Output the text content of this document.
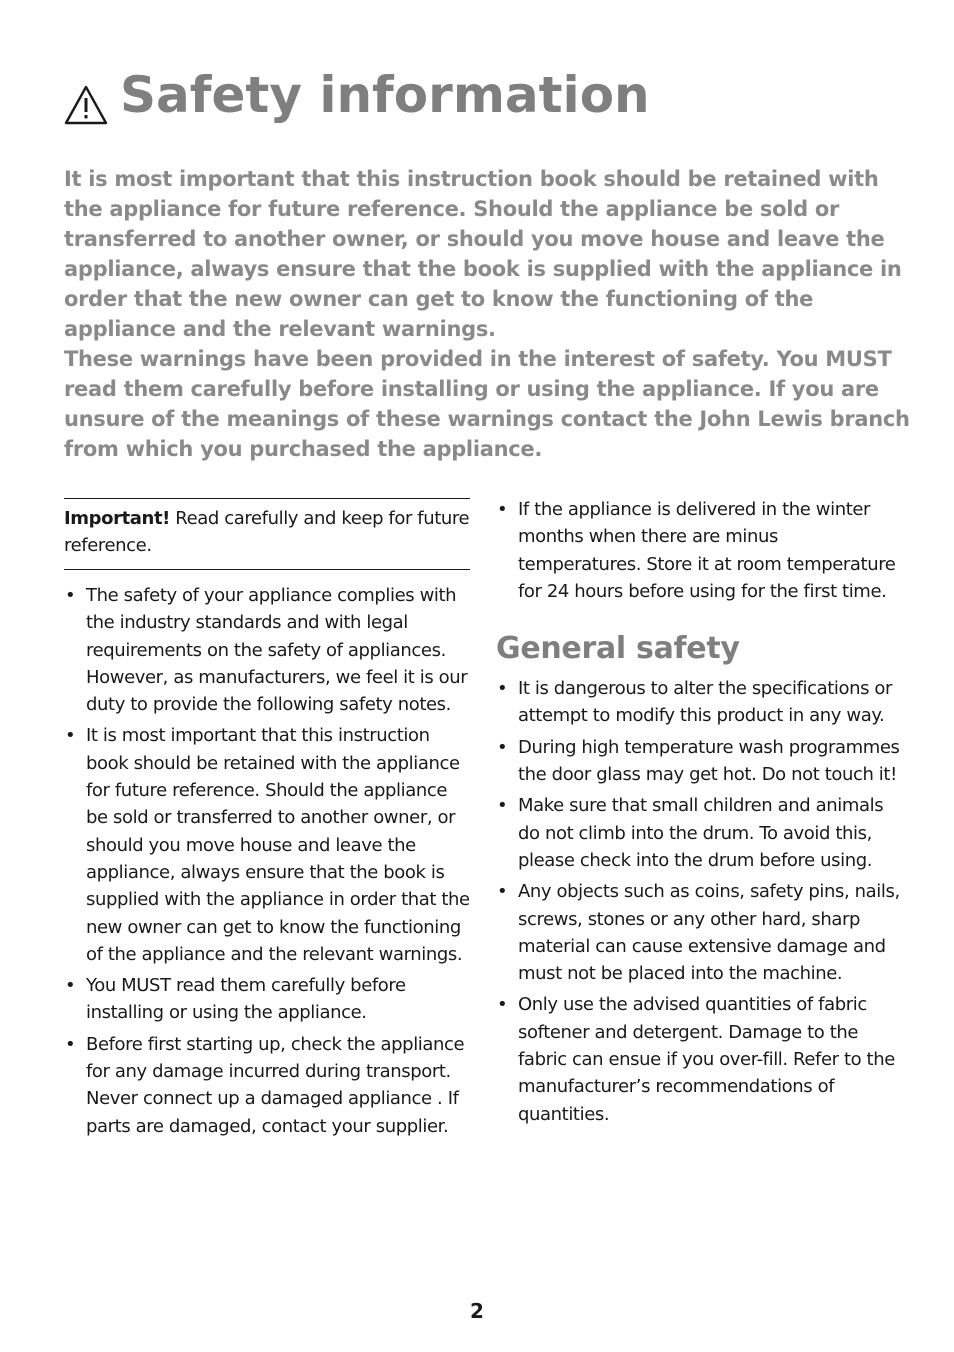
Safety information

It is most important that this instruction book should be retained with the appliance for future reference. Should the appliance be sold or transferred to another owner, or should you move house and leave the appliance, always ensure that the book is supplied with the appliance in order that the new owner can get to know the functioning of the appliance and the relevant warnings.

These warnings have been provided in the interest of safety. You MUST read them carefully before installing or using the appliance. If you are unsure of the meanings of these warnings contact the John Lewis branch from which you purchased the appliance.

Important! Read carefully and keep for future reference.
• The safety of your appliance complies with the industry standards and with legal requirements on the safety of appliances. However, as manufacturers, we feel it is our duty to provide the following safety notes.
• It is most important that this instruction book should be retained with the appliance for future reference. Should the appliance be sold or transferred to another owner, or should you move house and leave the appliance, always ensure that the book is supplied with the appliance in order that the new owner can get to know the functioning of the appliance and the relevant warnings.
• You MUST read them carefully before installing or using the appliance.
• Before first starting up, check the appliance for any damage incurred during transport. Never connect up a damaged appliance . If parts are damaged, contact your supplier.
• If the appliance is delivered in the winter months when there are minus temperatures. Store it at room temperature for 24 hours before using for the first time.
General safety
• It is dangerous to alter the specifications or attempt to modify this product in any way.
• During high temperature wash programmes the door glass may get hot. Do not touch it!
• Make sure that small children and animals do not climb into the drum. To avoid this, please check into the drum before using.
• Any objects such as coins, safety pins, nails, screws, stones or any other hard, sharp material can cause extensive damage and must not be placed into the machine.
• Only use the advised quantities of fabric softener and detergent. Damage to the fabric can ensue if you over-fill. Refer to the manufacturer’s recommendations of quantities.
2
